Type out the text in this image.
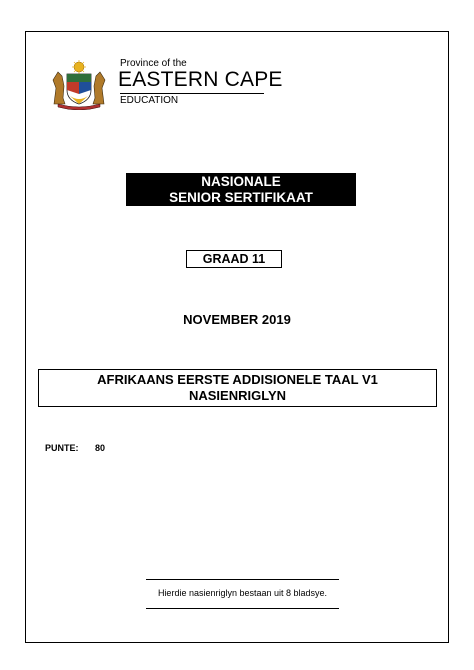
Province of the
EASTERN CAPE
EDUCATION
NASIONALE
SENIOR SERTIFIKAAT
GRAAD 11
NOVEMBER 2019
AFRIKAANS EERSTE ADDISIONELE TAAL V1
NASIENRIGLYN
PUNTE: 80
Hierdie nasienriglyn bestaan uit 8 bladsye.
